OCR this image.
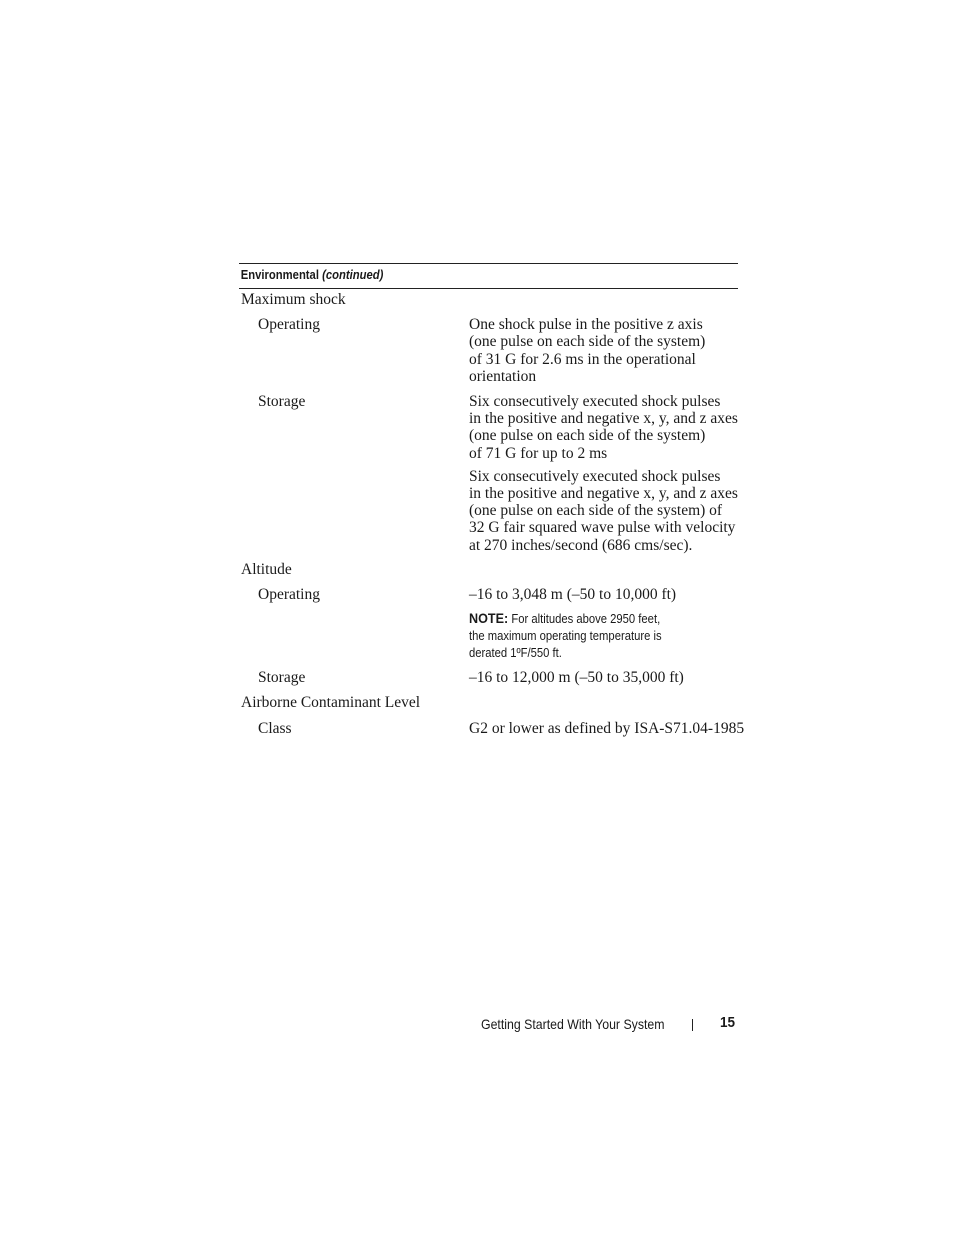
Environmental (continued)
Maximum shock
Operating	One shock pulse in the positive z axis
(one pulse on each side of the system)
of 31 G for 2.6 ms in the operational
orientation
Storage	Six consecutively executed shock pulses
in the positive and negative x, y, and z axes
(one pulse on each side of the system)
of 71 G for up to 2 ms
Six consecutively executed shock pulses
in the positive and negative x, y, and z axes
(one pulse on each side of the system) of
32 G fair squared wave pulse with velocity
at 270 inches/second (686 cms/sec).
Altitude
Operating	–16 to 3,048 m (–50 to 10,000 ft)
NOTE: For altitudes above 2950 feet,
the maximum operating temperature is
derated 1ºF/550 ft.
Storage	–16 to 12,000 m (–50 to 35,000 ft)
Airborne Contaminant Level
Class	G2 or lower as defined by ISA-S71.04-1985
Getting Started With Your System	15
